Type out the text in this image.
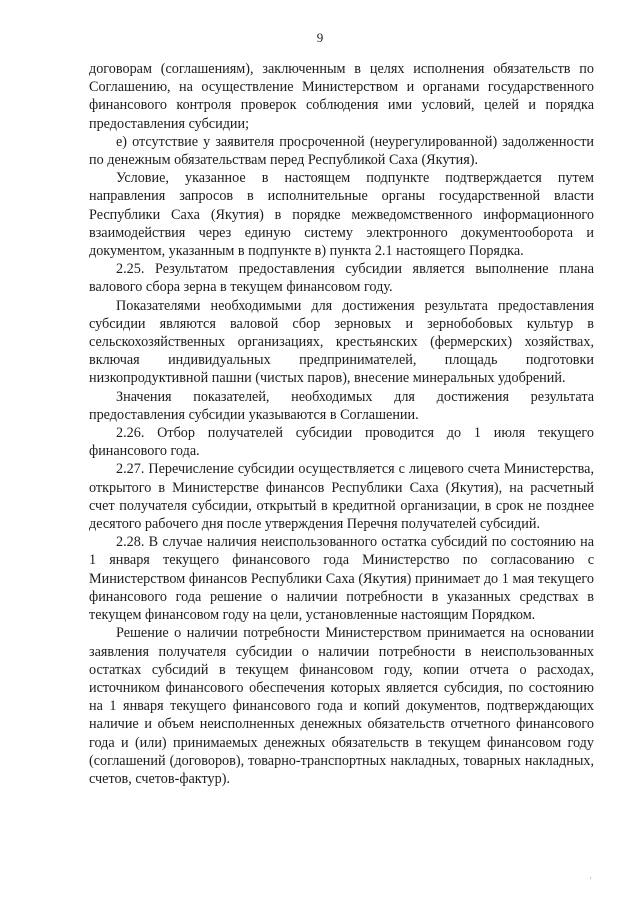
9

договорам (соглашениям), заключенным в целях исполнения обязательств по Соглашению, на осуществление Министерством и органами государственного финансового контроля проверок соблюдения ими условий, целей и порядка предоставления субсидии;

е) отсутствие у заявителя просроченной (неурегулированной) задолженности по денежным обязательствам перед Республикой Саха (Якутия).

Условие, указанное в настоящем подпункте подтверждается путем направления запросов в исполнительные органы государственной власти Республики Саха (Якутия) в порядке межведомственного информационного взаимодействия через единую систему электронного документооборота и документом, указанным в подпункте в) пункта 2.1 настоящего Порядка.

2.25. Результатом предоставления субсидии является выполнение плана валового сбора зерна в текущем финансовом году.

Показателями необходимыми для достижения результата предоставления субсидии являются валовой сбор зерновых и зернобобовых культур в сельскохозяйственных организациях, крестьянских (фермерских) хозяйствах, включая индивидуальных предпринимателей, площадь подготовки низкопродуктивной пашни (чистых паров), внесение минеральных удобрений.

Значения показателей, необходимых для достижения результата предоставления субсидии указываются в Соглашении.

2.26. Отбор получателей субсидии проводится до 1 июля текущего финансового года.

2.27. Перечисление субсидии осуществляется с лицевого счета Министерства, открытого в Министерстве финансов Республики Саха (Якутия), на расчетный счет получателя субсидии, открытый в кредитной организации, в срок не позднее десятого рабочего дня после утверждения Перечня получателей субсидий.

2.28. В случае наличия неиспользованного остатка субсидий по состоянию на 1 января текущего финансового года Министерство по согласованию с Министерством финансов Республики Саха (Якутия) принимает до 1 мая текущего финансового года решение о наличии потребности в указанных средствах в текущем финансовом году на цели, установленные настоящим Порядком.

Решение о наличии потребности Министерством принимается на основании заявления получателя субсидии о наличии потребности в неиспользованных остатках субсидий в текущем финансовом году, копии отчета о расходах, источником финансового обеспечения которых является субсидия, по состоянию на 1 января текущего финансового года и копий документов, подтверждающих наличие и объем неисполненных денежных обязательств отчетного финансового года и (или) принимаемых денежных обязательств в текущем финансовом году (соглашений (договоров), товарно-транспортных накладных, товарных накладных, счетов, счетов-фактур).

·
